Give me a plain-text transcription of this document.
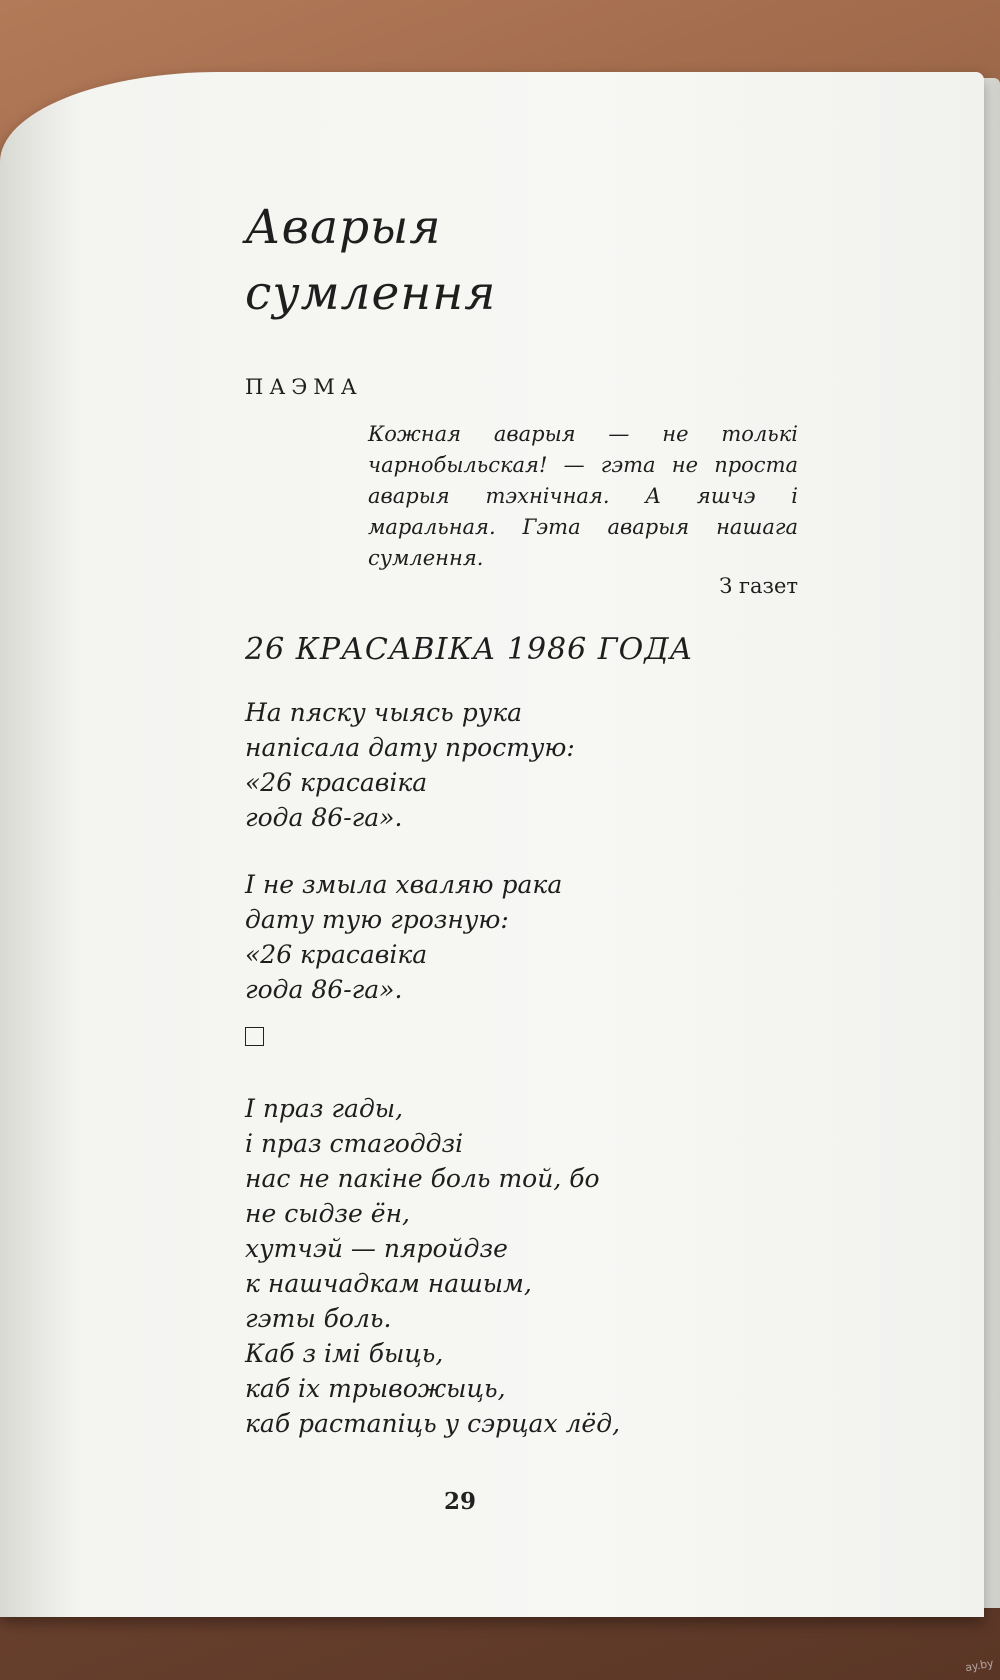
Аварыя
сумлення
ПАЭМА
Кожная аварыя — не толькі чарнобыльская! — гэта не проста аварыя тэхнічная. А яшчэ і маральная. Гэта аварыя нашага сумлення.
З газет
26 КРАСАВІКА 1986 ГОДА
На пяску чыясь рука
напісала дату простую:
«26 красавіка
года 86-га».
І не змыла хваляю рака
дату тую грозную:
«26 красавіка
года 86-га».
І праз гады,
і праз стагоддзі
нас не пакіне боль той, бо
не сыдзе ён,
хутчэй — пяройдзе
к нашчадкам нашым,
гэты боль.
Каб з імі быць,
каб іх трывожыць,
каб растапіць у сэрцах лёд,
29
ay.by
